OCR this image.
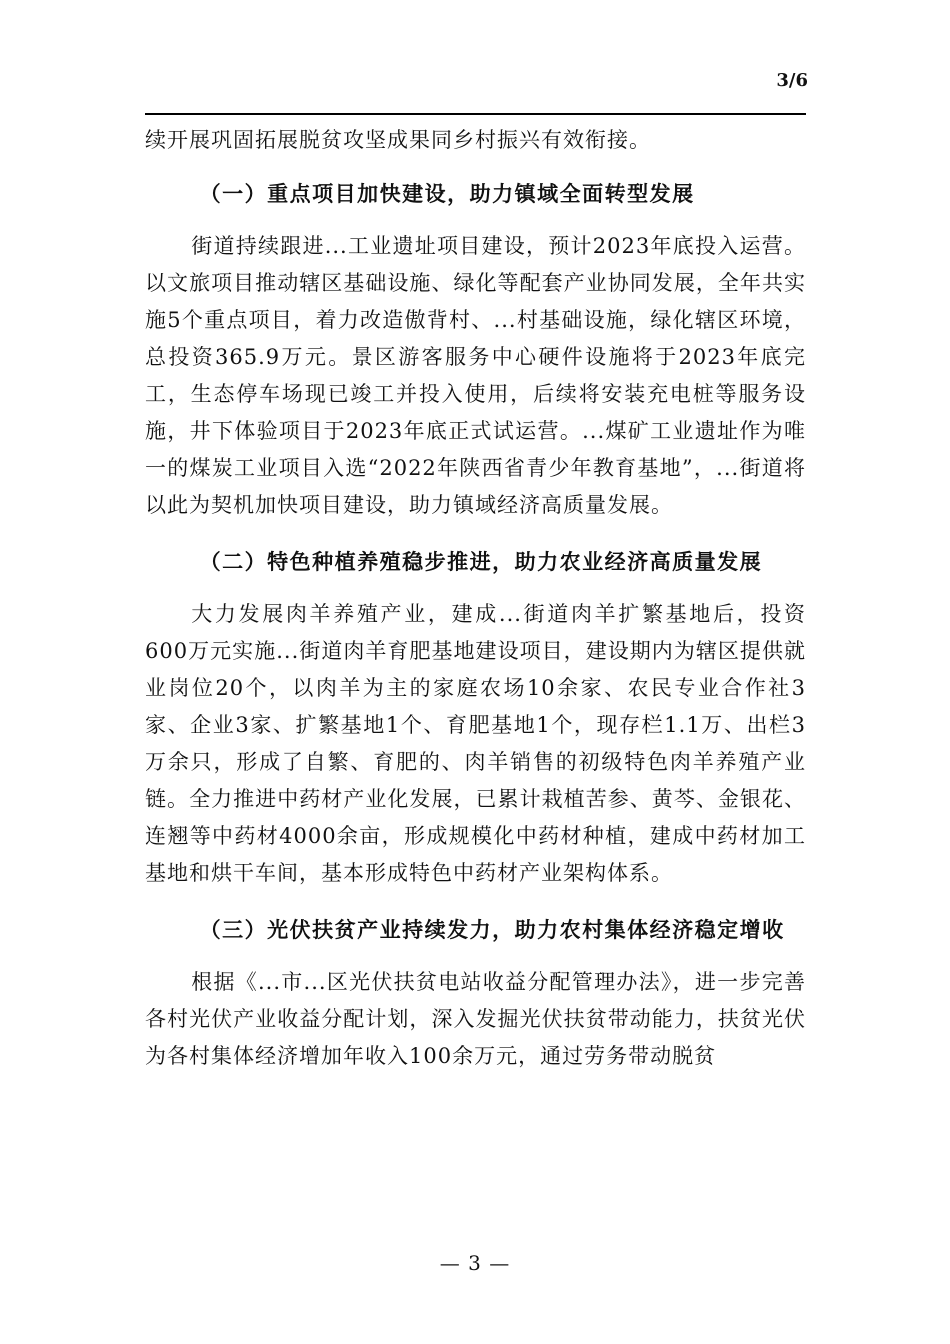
3/6

续开展巩固拓展脱贫攻坚成果同乡村振兴有效衔接。

（一）重点项目加快建设，助力镇域全面转型发展

街道持续跟进...工业遗址项目建设，预计2023年底投入运营。以文旅项目推动辖区基础设施、绿化等配套产业协同发展，全年共实施5个重点项目，着力改造傲背村、...村基础设施，绿化辖区环境，总投资365.9万元。景区游客服务中心硬件设施将于2023年底完工，生态停车场现已竣工并投入使用，后续将安装充电桩等服务设施，井下体验项目于2023年底正式试运营。...煤矿工业遗址作为唯一的煤炭工业项目入选“2022年陕西省青少年教育基地”，...街道将以此为契机加快项目建设，助力镇域经济高质量发展。

（二）特色种植养殖稳步推进，助力农业经济高质量发展

大力发展肉羊养殖产业，建成...街道肉羊扩繁基地后，投资600万元实施...街道肉羊育肥基地建设项目，建设期内为辖区提供就业岗位20个，以肉羊为主的家庭农场10余家、农民专业合作社3家、企业3家、扩繁基地1个、育肥基地1个，现存栏1.1万、出栏3万余只，形成了自繁、育肥的、肉羊销售的初级特色肉羊养殖产业链。全力推进中药材产业化发展，已累计栽植苦参、黄芩、金银花、连翘等中药材4000余亩，形成规模化中药材种植，建成中药材加工基地和烘干车间，基本形成特色中药材产业架构体系。

（三）光伏扶贫产业持续发力，助力农村集体经济稳定增收

根据《...市...区光伏扶贫电站收益分配管理办法》，进一步完善各村光伏产业收益分配计划，深入发掘光伏扶贫带动能力，扶贫光伏为各村集体经济增加年收入100余万元，通过劳务带动脱贫

— 3 —
